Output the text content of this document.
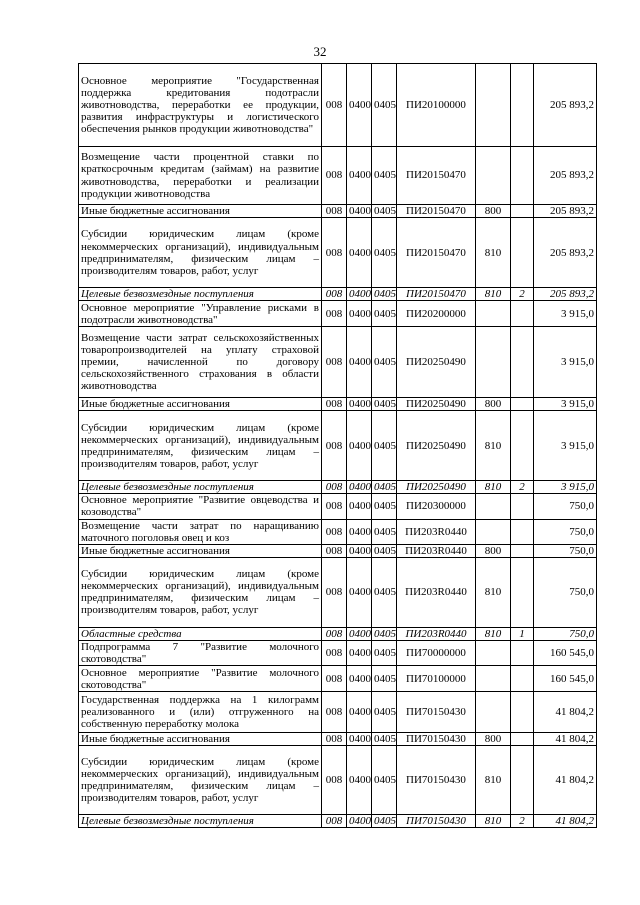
32
Основное мероприятие "Государственная поддержка кредитования подотрасли животноводства, переработки ее продукции, развития инфраструктуры и логистического обеспечения рынков продукции животноводства"	008	0400	0405	ПИ20100000			205 893,2
Возмещение части процентной ставки по краткосрочным кредитам (займам) на развитие животноводства, переработки и реализации продукции животноводства	008	0400	0405	ПИ20150470			205 893,2
Иные бюджетные ассигнования	008	0400	0405	ПИ20150470	800		205 893,2
Субсидии юридическим лицам (кроме некоммерческих организаций), индивидуальным предпринимателям, физическим лицам – производителям товаров, работ, услуг	008	0400	0405	ПИ20150470	810		205 893,2
Целевые безвозмездные поступления	008	0400	0405	ПИ20150470	810	2	205 893,2
Основное мероприятие "Управление рисками в подотрасли животноводства"	008	0400	0405	ПИ20200000			3 915,0
Возмещение части затрат сельскохозяйственных товаропроизводителей на уплату страховой премии, начисленной по договору сельскохозяйственного страхования в области животноводства	008	0400	0405	ПИ20250490			3 915,0
Иные бюджетные ассигнования	008	0400	0405	ПИ20250490	800		3 915,0
Субсидии юридическим лицам (кроме некоммерческих организаций), индивидуальным предпринимателям, физическим лицам – производителям товаров, работ, услуг	008	0400	0405	ПИ20250490	810		3 915,0
Целевые безвозмездные поступления	008	0400	0405	ПИ20250490	810	2	3 915,0
Основное мероприятие "Развитие овцеводства и козоводства"	008	0400	0405	ПИ20300000			750,0
Возмещение части затрат по наращиванию маточного поголовья овец и коз	008	0400	0405	ПИ203R0440			750,0
Иные бюджетные ассигнования	008	0400	0405	ПИ203R0440	800		750,0
Субсидии юридическим лицам (кроме некоммерческих организаций), индивидуальным предпринимателям, физическим лицам – производителям товаров, работ, услуг	008	0400	0405	ПИ203R0440	810		750,0
Областные средства	008	0400	0405	ПИ203R0440	810	1	750,0
Подпрограмма 7 "Развитие молочного скотоводства"	008	0400	0405	ПИ70000000			160 545,0
Основное мероприятие "Развитие молочного скотоводства"	008	0400	0405	ПИ70100000			160 545,0
Государственная поддержка на 1 килограмм реализованного и (или) отгруженного на собственную переработку молока	008	0400	0405	ПИ70150430			41 804,2
Иные бюджетные ассигнования	008	0400	0405	ПИ70150430	800		41 804,2
Субсидии юридическим лицам (кроме некоммерческих организаций), индивидуальным предпринимателям, физическим лицам – производителям товаров, работ, услуг	008	0400	0405	ПИ70150430	810		41 804,2
Целевые безвозмездные поступления	008	0400	0405	ПИ70150430	810	2	41 804,2
